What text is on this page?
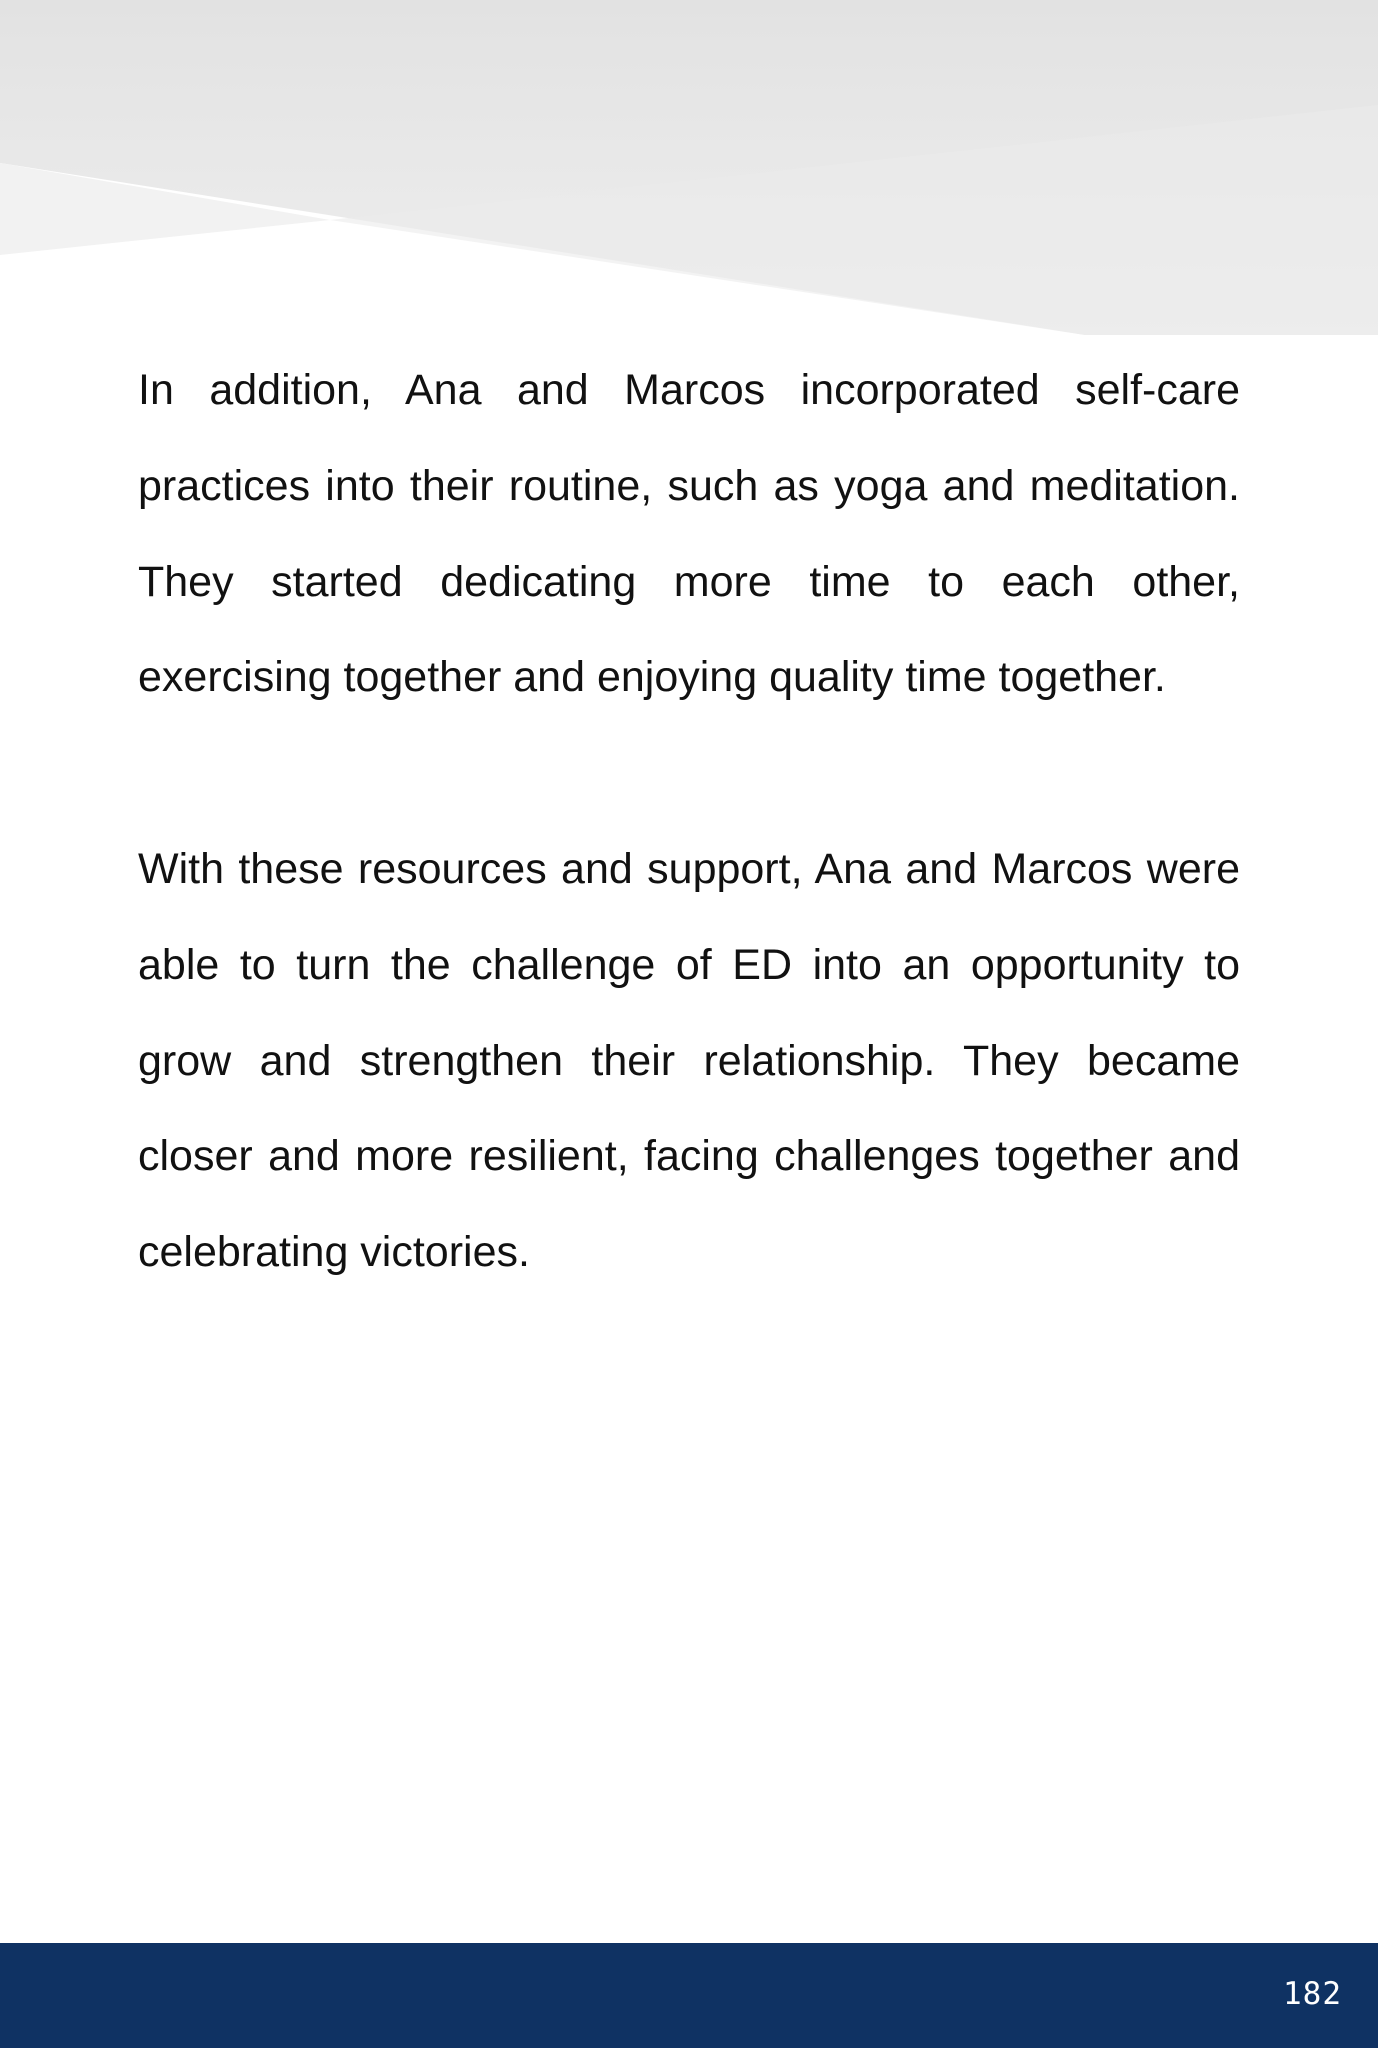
In addition, Ana and Marcos incorporated self-care practices into their routine, such as yoga and meditation. They started dedicating more time to each other, exercising together and enjoying quality time together.

With these resources and support, Ana and Marcos were able to turn the challenge of ED into an opportunity to grow and strengthen their relationship. They became closer and more resilient, facing challenges together and celebrating victories.

182
